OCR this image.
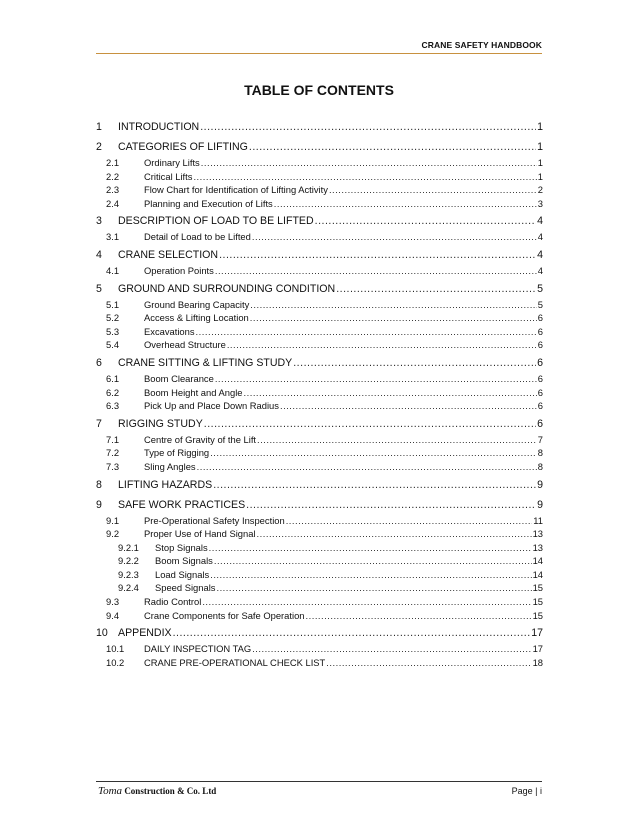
CRANE SAFETY HANDBOOK
TABLE OF CONTENTS
1	INTRODUCTION .....	1
2	CATEGORIES OF LIFTING .....	1
2.1	Ordinary Lifts .....	1
2.2	Critical Lifts .....	1
2.3	Flow Chart for Identification of Lifting Activity .....	2
2.4	Planning and Execution of Lifts .....	3
3	DESCRIPTION OF LOAD TO BE LIFTED .....	4
3.1	Detail of Load to be Lifted .....	4
4	CRANE SELECTION .....	4
4.1	Operation Points .....	4
5	GROUND AND SURROUNDING CONDITION .....	5
5.1	Ground Bearing Capacity .....	5
5.2	Access & Lifting Location .....	6
5.3	Excavations .....	6
5.4	Overhead Structure .....	6
6	CRANE SITTING & LIFTING STUDY .....	6
6.1	Boom Clearance .....	6
6.2	Boom Height and Angle .....	6
6.3	Pick Up and Place Down Radius .....	6
7	RIGGING STUDY .....	6
7.1	Centre of Gravity of the Lift .....	7
7.2	Type of Rigging .....	8
7.3	Sling Angles .....	8
8	LIFTING HAZARDS .....	9
9	SAFE WORK PRACTICES .....	9
9.1	Pre-Operational Safety Inspection .....	11
9.2	Proper Use of Hand Signal .....	13
9.2.1	Stop Signals .....	13
9.2.2	Boom Signals .....	14
9.2.3	Load Signals .....	14
9.2.4	Speed Signals .....	15
9.3	Radio Control .....	15
9.4	Crane Components for Safe Operation .....	15
10 APPENDIX .....	17
10.1	DAILY INSPECTION TAG .....	17
10.2	CRANE PRE-OPERATIONAL CHECK LIST .....	18
Toma Construction & Co. Ltd	Page | i
